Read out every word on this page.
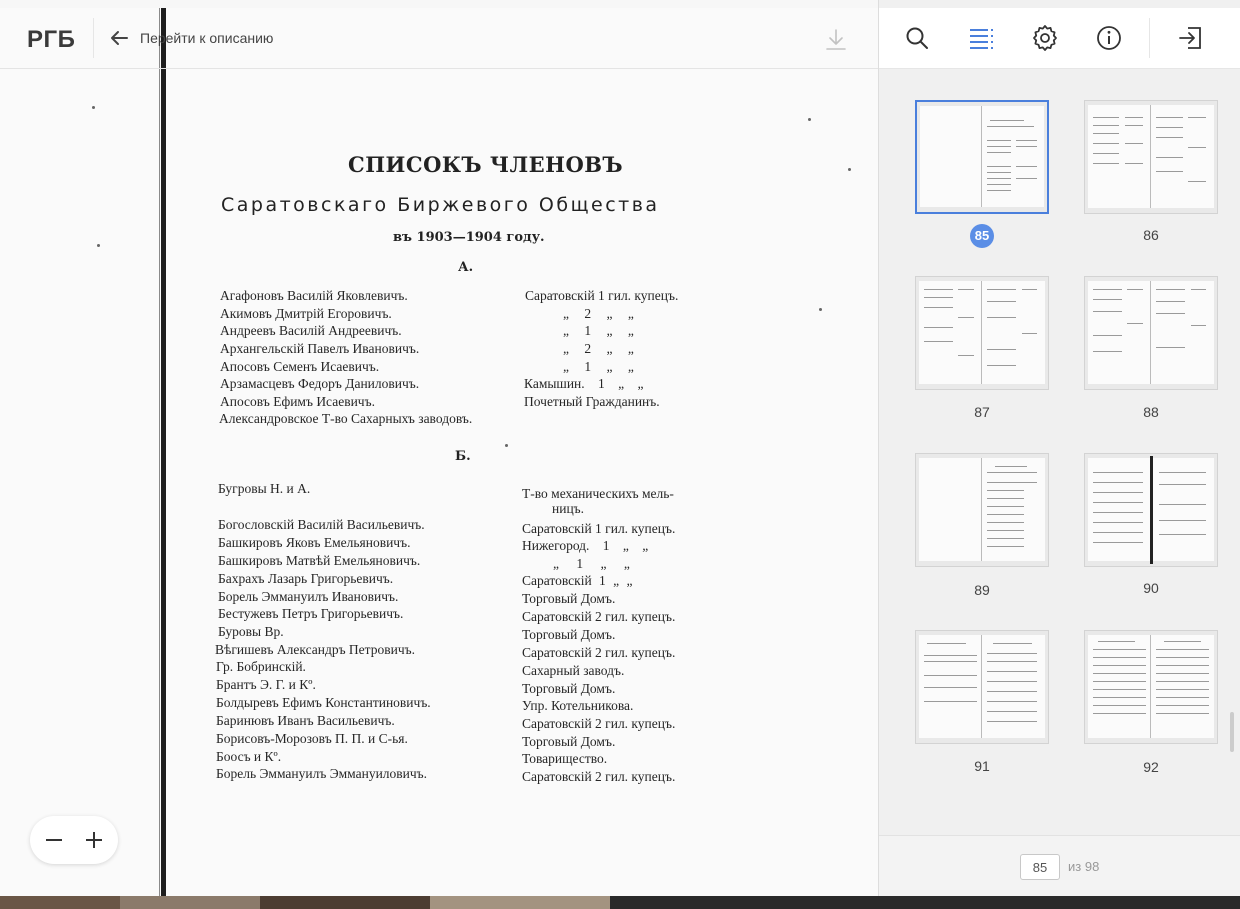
СПИСОКЪ ЧЛЕНОВЪ
Саратовскаго Биржевого Общества
въ 1903—1904 году.
А.
Б.
Агафоновъ Василій Яковлевичъ.	Саратовскій 1 гил. купецъ.
Акимовъ Дмитрій Егоровичъ.	„ 2 „ „
Андреевъ Василій Андреевичъ.	„ 1 „ „
Архангельскій Павелъ Ивановичъ.	„ 2 „ „
Апосовъ Семенъ Исаевичъ.	„ 1 „ „
Арзамасцевъ Федоръ Даниловичъ.	Камышин. 1 „ „
Апосовъ Ефимъ Исаевичъ.	Почетный Гражданинъ.
Александровское Т-во Сахарныхъ заводовъ.
Бугровы Н. и А.	Т-во механическихъ мель-
ницъ.
Богословскій Василій Васильевичъ.	Саратовскій 1 гил. купецъ.
Башкировъ Яковъ Емельяновичъ.	Нижегород. 1 „ „
Башкировъ Матвѣй Емельяновичъ.	„ 1 „ „
Бахрахъ Лазарь Григорьевичъ.	Саратовскій 1 „ „
Борель Эммануилъ Ивановичъ.	Торговый Домъ.
Бестужевъ Петръ Григорьевичъ.	Саратовскій 2 гил. купецъ.
Буровы Вр.	Торговый Домъ.
Вѣгишевъ Александръ Петровичъ.	Саратовскій 2 гил. купецъ.
Гр. Бобринскій.	Сахарный заводъ.
Брантъ Э. Г. и Кº.	Торговый Домъ.
Болдыревъ Ефимъ Константиновичъ.	Упр. Котельникова.
Баринювъ Иванъ Васильевичъ.	Саратовскій 2 гил. купецъ.
Борисовъ-Морозовъ П. П. и С-ья.	Торговый Домъ.
Боосъ и Кº.	Товарищество.
Борель Эммануилъ Эммануиловичъ.	Саратовскій 2 гил. купецъ.
РГБ	Перейти к описанию
85	86
87	88
89	90
91	92
85
из 98
